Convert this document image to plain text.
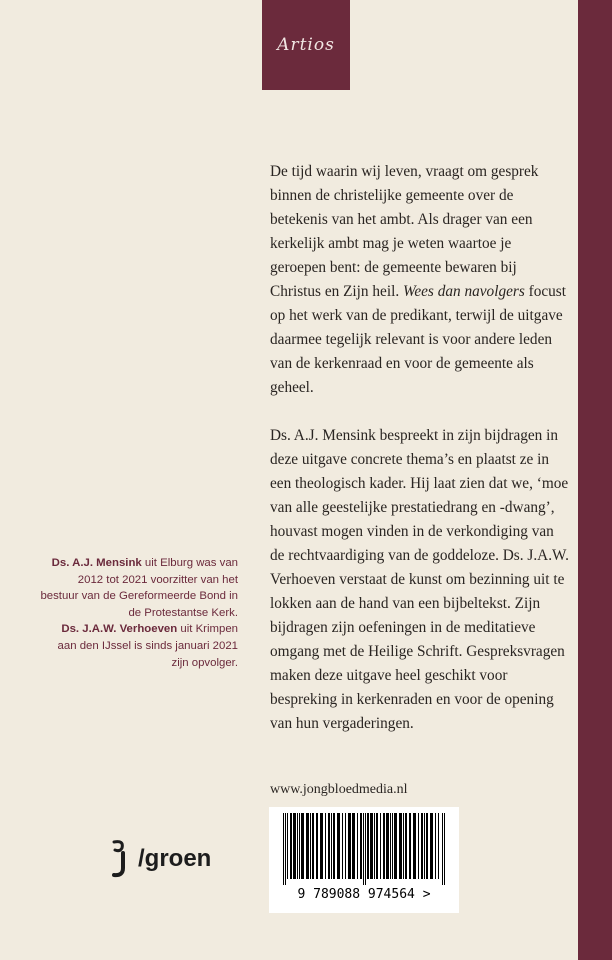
Artios

De tijd waarin wij leven, vraagt om gesprek binnen de christelijke gemeente over de betekenis van het ambt. Als drager van een kerkelijk ambt mag je weten waartoe je geroepen bent: de gemeente bewaren bij Christus en Zijn heil. Wees dan navolgers focust op het werk van de predikant, terwijl de uitgave daarmee tegelijk relevant is voor andere leden van de kerkenraad en voor de gemeente als geheel.

Ds. A.J. Mensink bespreekt in zijn bijdragen in deze uitgave concrete thema’s en plaatst ze in een theologisch kader. Hij laat zien dat we, ‘moe van alle geestelijke prestatiedrang en -dwang’, houvast mogen vinden in de verkondiging van de rechtvaardiging van de goddeloze. Ds. J.A.W. Verhoeven verstaat de kunst om bezinning uit te lokken aan de hand van een bijbeltekst. Zijn bijdragen zijn oefeningen in de meditatieve omgang met de Heilige Schrift. Gespreksvragen maken deze uitgave heel geschikt voor bespreking in kerkenraden en voor de opening van hun vergaderingen.

Ds. A.J. Mensink uit Elburg was van 2012 tot 2021 voorzitter van het bestuur van de Gereformeerde Bond in de Protestantse Kerk.
Ds. J.A.W. Verhoeven uit Krimpen aan den IJssel is sinds januari 2021 zijn opvolger.
www.jongbloedmedia.nl
9 789088 974564 >
/groen
